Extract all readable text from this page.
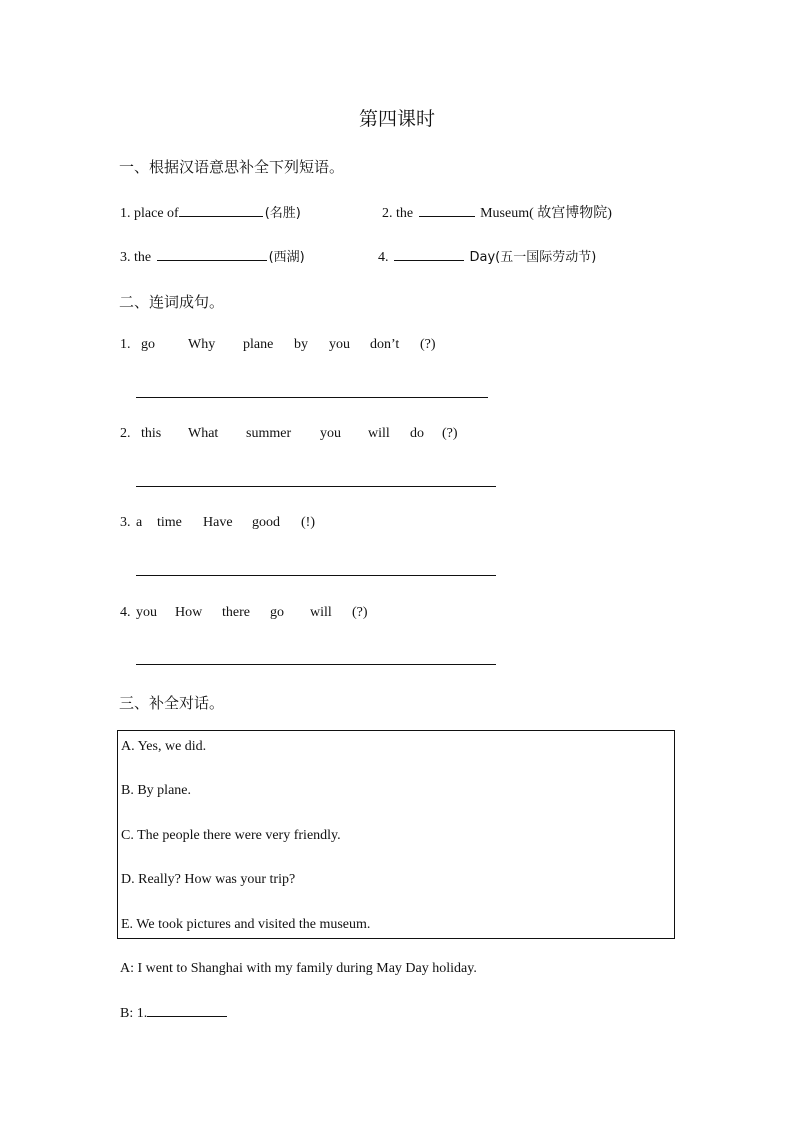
第四课时
一、根据汉语意思补全下列短语。
1. place of	(名胜)	2. the	Museum( 故宫博物院)
3. the	(西湖)	4.	Day(五一国际劳动节)
二、连词成句。
1. go Why plane by you don’t (?)
2. this What summer you will do (?)
3. a time Have good (!)
4. you How there go will (?)
三、补全对话。
A. Yes, we did.
B. By plane.
C. The people there were very friendly.
D. Really? How was your trip?
E. We took pictures and visited the museum.
A: I went to Shanghai with my family during May Day holiday.
B: 1.
